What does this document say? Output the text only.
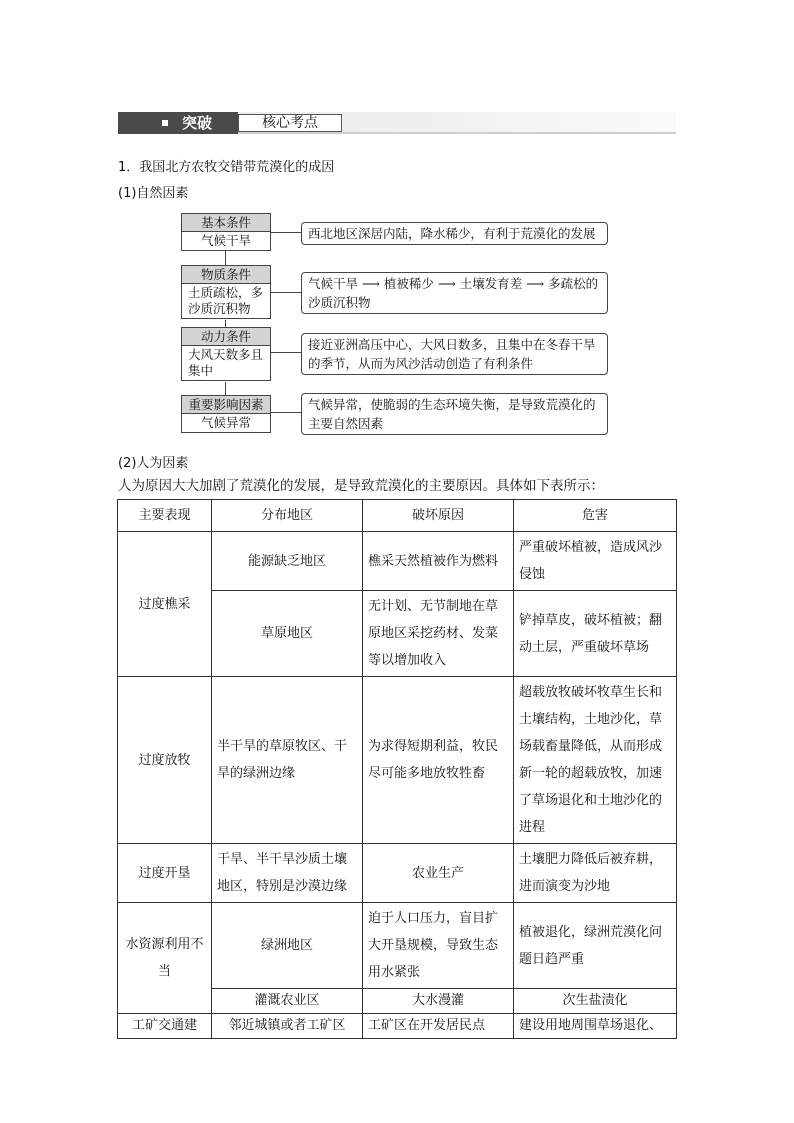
突破	核心考点
1．我国北方农牧交错带荒漠化的成因
(1)自然因素
基本条件
气候干旱	西北地区深居内陆，降水稀少，有利于荒漠化的发展
物质条件
土质疏松，多沙质沉积物
气候干旱 ⟶ 植被稀少 ⟶ 土壤发育差 ⟶ 多疏松的沙质沉积物
动力条件
大风天数多且集中
接近亚洲高压中心，大风日数多，且集中在冬春干旱的季节，从而为风沙活动创造了有利条件
重要影响因素
气候异常
气候异常，使脆弱的生态环境失衡，是导致荒漠化的主要自然因素
(2)人为因素
人为原因大大加剧了荒漠化的发展，是导致荒漠化的主要原因。具体如下表所示：
主要表现	分布地区	破坏原因	危害
过度樵采	能源缺乏地区	樵采天然植被作为燃料	严重破坏植被，造成风沙侵蚀
	草原地区	无计划、无节制地在草原地区采挖药材、发菜等以增加收入	铲掉草皮，破坏植被；翻动土层，严重破坏草场
过度放牧	半干旱的草原牧区、干旱的绿洲边缘	为求得短期利益，牧民尽可能多地放牧牲畜	超载放牧破坏牧草生长和土壤结构，土地沙化，草场载畜量降低，从而形成新一轮的超载放牧，加速了草场退化和土地沙化的进程
过度开垦	干旱、半干旱沙质土壤地区，特别是沙漠边缘	农业生产	土壤肥力降低后被弃耕，进而演变为沙地
水资源利用不当	绿洲地区	迫于人口压力，盲目扩大开垦规模，导致生态用水紧张	植被退化，绿洲荒漠化问题日趋严重
	灌溉农业区	大水漫灌	次生盐渍化
工矿交通建	邻近城镇或者工矿区	工矿区在开发居民点	建设用地周围草场退化、
